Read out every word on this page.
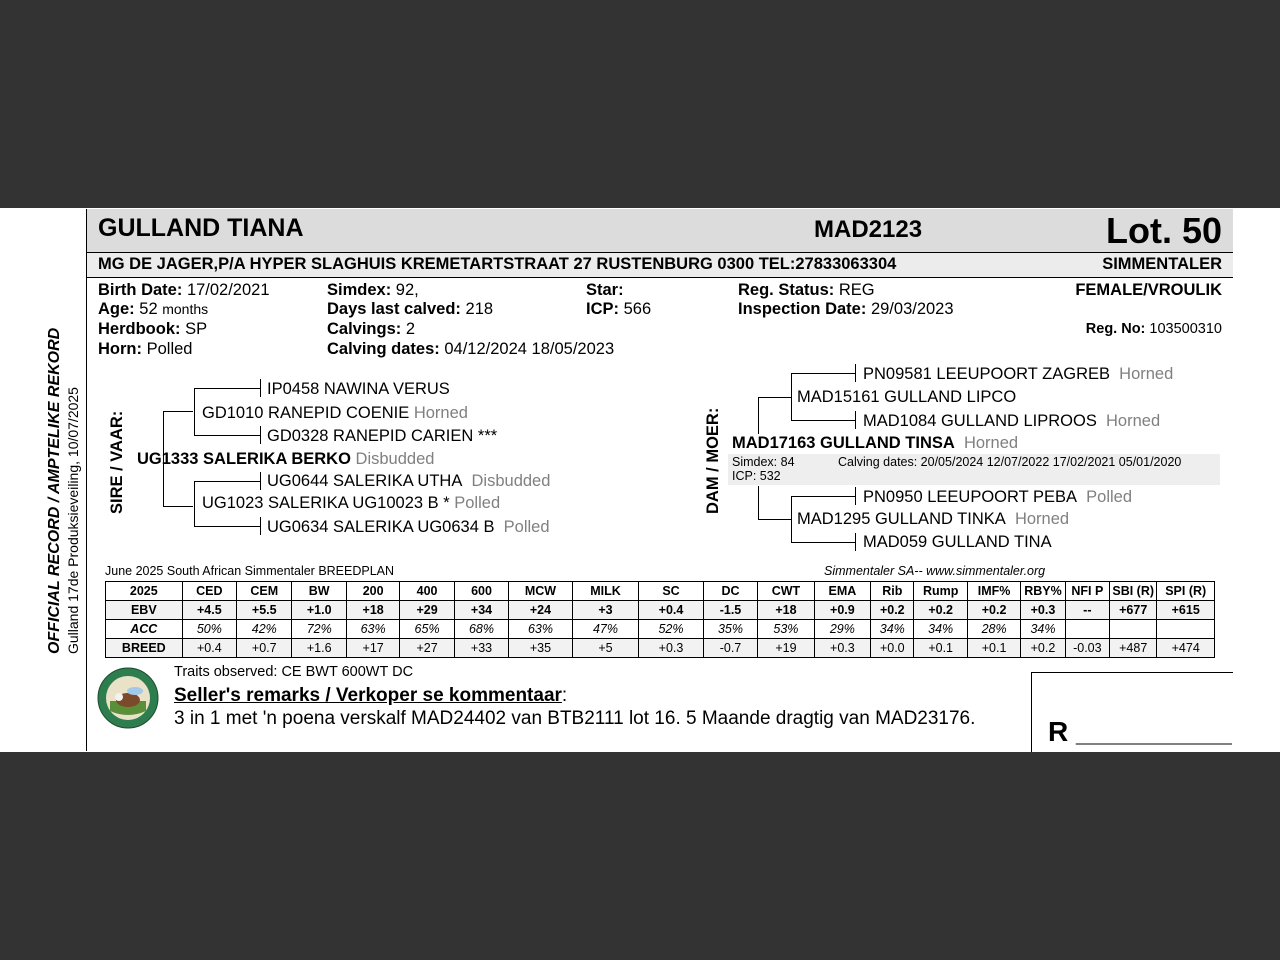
OFFICIAL RECORD / AMPTELIKE REKORD Gulland 17de Produksieveiling, 10/07/2025
GULLAND TIANA	MAD2123	Lot. 50
MG DE JAGER,P/A HYPER SLAGHUIS KREMETARTSTRAAT 27 RUSTENBURG 0300 TEL:27833063304	SIMMENTALER
Birth Date: 17/02/2021
Age: 52 months
Herdbook: SP
Horn: Polled
Simdex: 92,
Days last calved: 218
Calvings: 2
Calving dates: 04/12/2024 18/05/2023
Star:
ICP: 566
Reg. Status: REG
Inspection Date: 29/03/2023
FEMALE/VROULIK
Reg. No: 103500310
SIRE / VAAR:
IP0458 NAWINA VERUS
GD1010 RANEPID COENIE Horned
GD0328 RANEPID CARIEN ***
UG1333 SALERIKA BERKO Disbudded
UG0644 SALERIKA UTHA Disbudded
UG1023 SALERIKA UG10023 B * Polled
UG0634 SALERIKA UG0634 B Polled
DAM / MOER:
PN09581 LEEUPOORT ZAGREB Horned
MAD15161 GULLAND LIPCO
MAD1084 GULLAND LIPROOS Horned
MAD17163 GULLAND TINSA Horned
Simdex: 84	Calving dates: 20/05/2024 12/07/2022 17/02/2021 05/01/2020
ICP: 532
PN0950 LEEUPOORT PEBA Polled
MAD1295 GULLAND TINKA Horned
MAD059 GULLAND TINA
June 2025 South African Simmentaler BREEDPLAN	Simmentaler SA-- www.simmentaler.org
2025	CED	CEM	BW	200	400	600	MCW	MILK	SC	DC	CWT	EMA	Rib	Rump	IMF%	RBY%	NFI P	SBI (R)	SPI (R)
EBV	+4.5	+5.5	+1.0	+18	+29	+34	+24	+3	+0.4	-1.5	+18	+0.9	+0.2	+0.2	+0.2	+0.3	--	+677	+615
ACC	50%	42%	72%	63%	65%	68%	63%	47%	52%	35%	53%	29%	34%	34%	28%	34%			
BREED	+0.4	+0.7	+1.6	+17	+27	+33	+35	+5	+0.3	-0.7	+19	+0.3	+0.0	+0.1	+0.1	+0.2	-0.03	+487	+474
Traits observed: CE BWT 600WT DC
Seller's remarks / Verkoper se kommentaar:
3 in 1 met 'n poena verskalf MAD24402 van BTB2111 lot 16. 5 Maande dragtig van MAD23176.	R __________
